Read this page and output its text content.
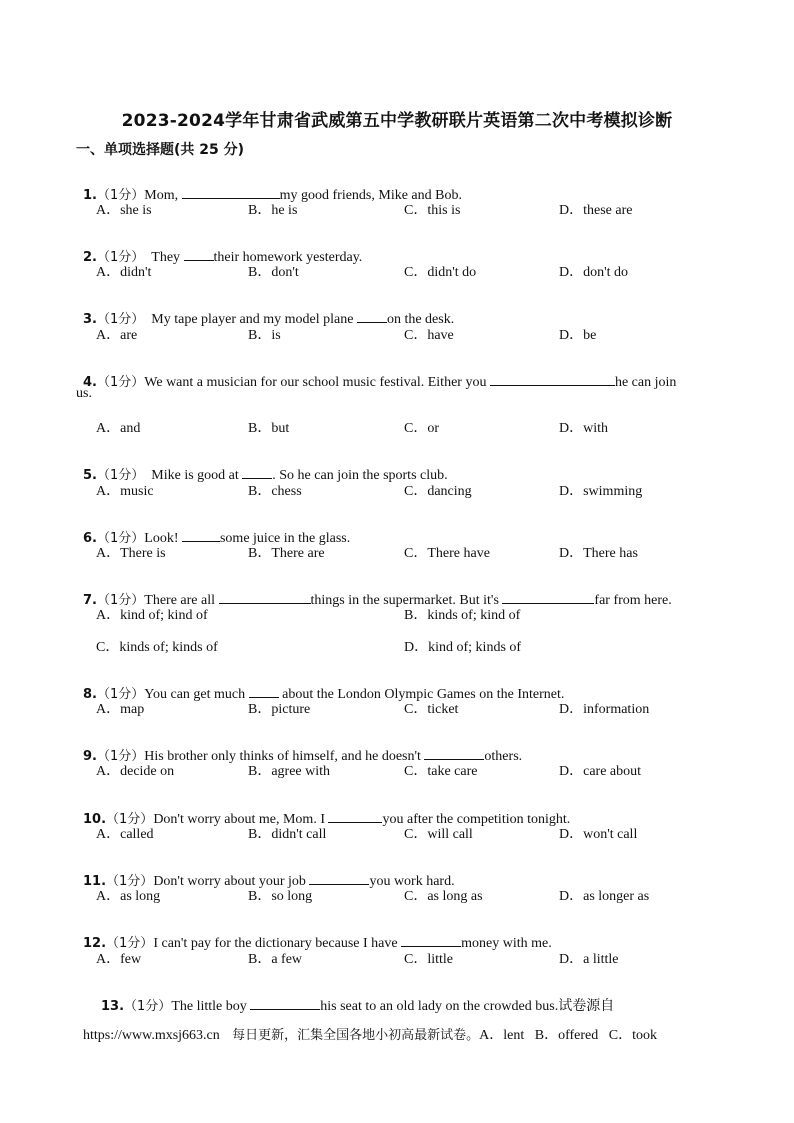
2023-2024学年甘肃省武威第五中学教研联片英语第二次中考模拟诊断
一、单项选择题(共 25 分)

1.（1分）Mom,	my good friends, Mike and Bob.

A．she is	B．he is	C．this is	D．these are

2.（1分）  They their homework yesterday.

A．didn't	B．don't	C．didn't do	D．don't do

3.（1分）  My tape player and my model plane on the desk.

A．are	B．is	C．have	D．be

4.（1分）We want a musician for our school music festival. Either you	he can join

us.
A．and	B．but	C．or	D．with

5.（1分）  Mike is good at . So he can join the sports club.

A．music	B．chess	C．dancing	D．swimming

6.（1分）Look!	some juice in the glass.

A．There is	B．There are	C．There have	D．There has

7.（1分）There are all	things in the supermarket. But it's	far from here.

A．kind of; kind of	B．kinds of; kind of
C．kinds of; kinds of	D．kind of; kinds of

8.（1分）You can get much  about the London Olympic Games on the Internet.

A．map	B．picture	C．ticket	D．information

9.（1分）His brother only thinks of himself, and he doesn't	others.

A．decide on	B．agree with	C．take care	D．care about

10.（1分）Don't worry about me, Mom. I	you after the competition tonight.

A．called	B．didn't call	C．will call	D．won't call

11.（1分）Don't worry about your job	you work hard.

A．as long	B．so long	C．as long as	D．as longer as

12.（1分）I can't pay for the dictionary because I have	money with me.

A．few	B．a few	C．little	D．a little

13.（1分）The little boy	his seat to an old lady on the crowded bus.试卷源自

https://www.mxsj663.cn   每日更新，汇集全国各地小初高最新试卷。A．lent   B．offered   C．took
